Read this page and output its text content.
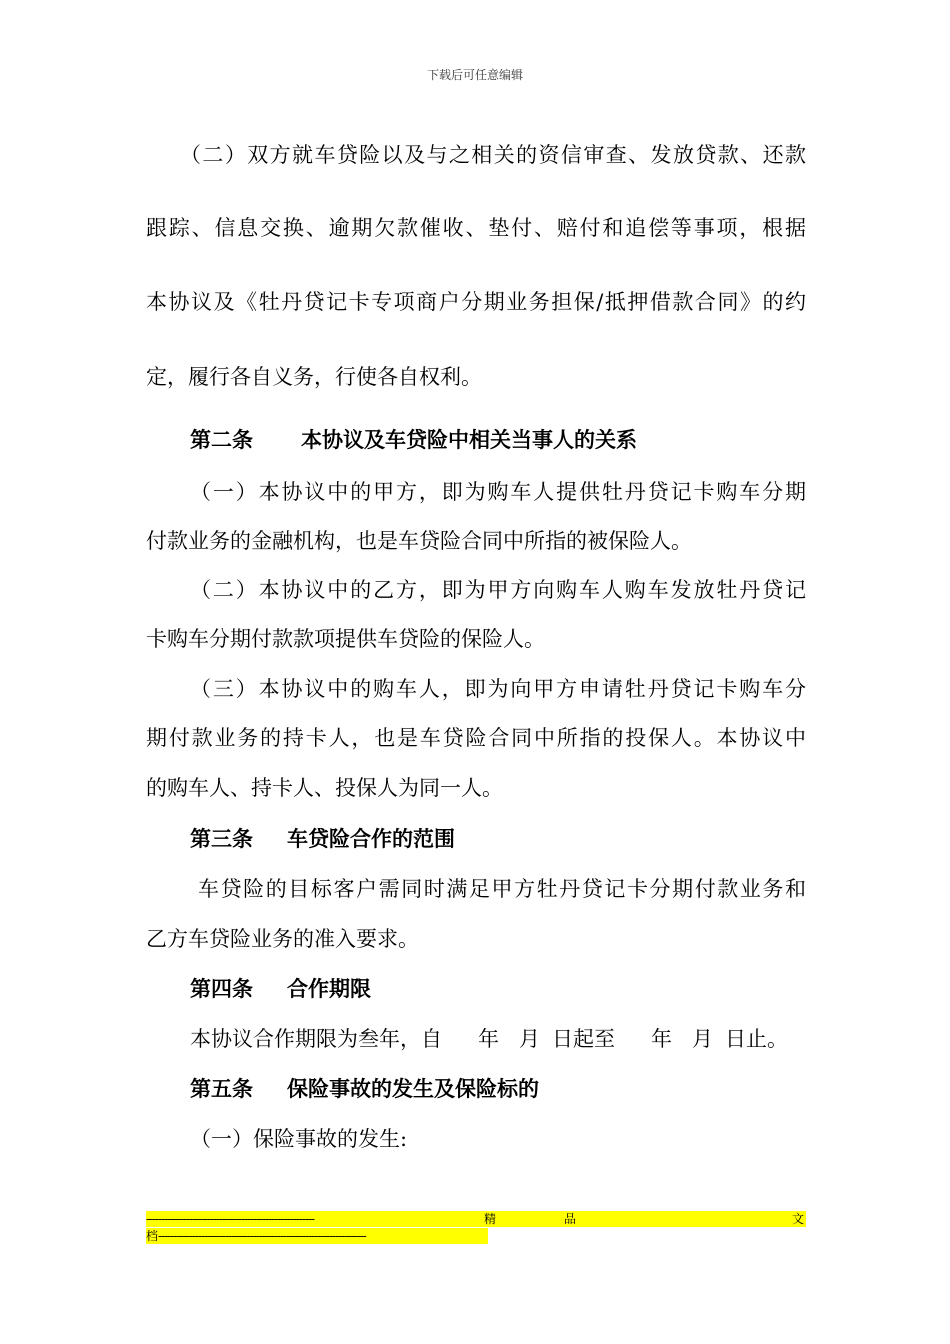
下载后可任意编辑
（二）双方就车贷险以及与之相关的资信审查、发放贷款、还款
跟踪、信息交换、逾期欠款催收、垫付、赔付和追偿等事项，根据
本协议及《牡丹贷记卡专项商户分期业务担保/抵押借款合同》的约
定，履行各自义务，行使各自权利。
第二条 本协议及车贷险中相关当事人的关系
（一）本协议中的甲方，即为购车人提供牡丹贷记卡购车分期
付款业务的金融机构，也是车贷险合同中所指的被保险人。
（二）本协议中的乙方，即为甲方向购车人购车发放牡丹贷记
卡购车分期付款款项提供车贷险的保险人。
（三）本协议中的购车人，即为向甲方申请牡丹贷记卡购车分
期付款业务的持卡人，也是车贷险合同中所指的投保人。本协议中
的购车人、持卡人、投保人为同一人。
第三条 车贷险合作的范围
车贷险的目标客户需同时满足甲方牡丹贷记卡分期付款业务和
乙方车贷险业务的准入要求。
第四条 合作期限
本协议合作期限为叁年，自 年 月 日起至 年 月 日止。
第五条 保险事故的发生及保险标的
（一）保险事故的发生:
-------------------------------------------------------	精	品	文
档--------------------------------------------------------------------
